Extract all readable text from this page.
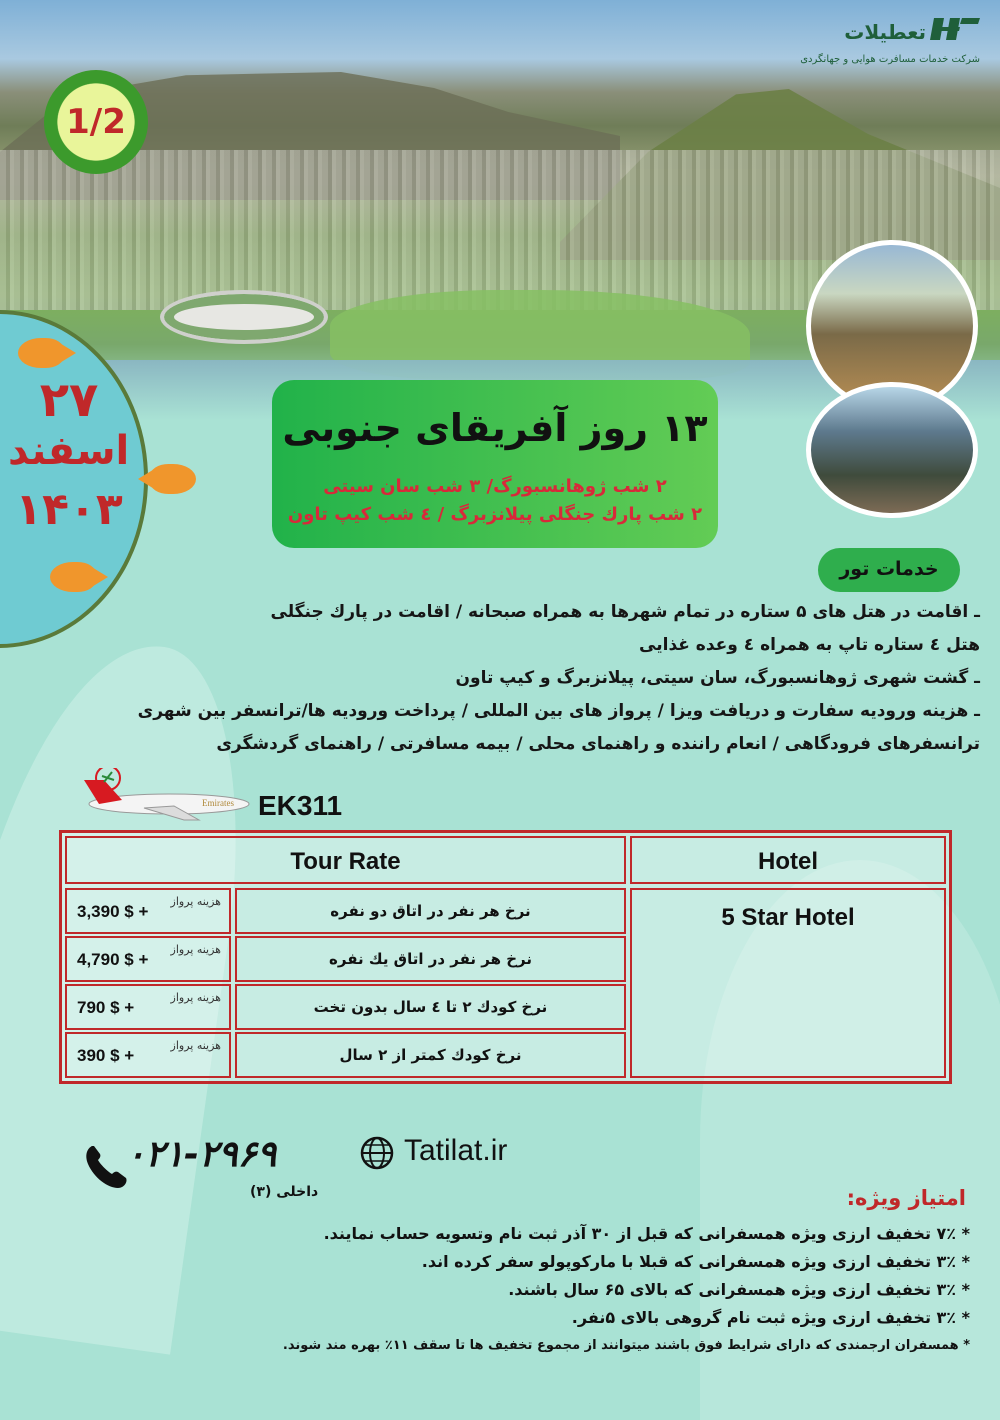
تعطیلات
شرکت خدمات مسافرت هوایی و جهانگردی
1/2
۲۷
اسفند
۱۴۰۳
۱۳ روز آفریقای جنوبی
۲ شب ژوهانسبورگ/ ۳ شب سان سیتی
۲ شب پارك جنگلی پیلانزبرگ / ٤ شب کیپ تاون
خدمات تور
ـ اقامت در هتل های ۵ ستاره در تمام شهرها به همراه صبحانه / اقامت در پارك جنگلی
هتل ٤ ستاره تاپ به همراه ٤ وعده غذایی
ـ گشت شهری ژوهانسبورگ، سان سیتی، پیلانزبرگ و کیپ تاون
ـ هزینه ورودیه سفارت و دریافت ویزا / پرواز های بین المللی / پرداخت ورودیه ها/ترانسفر بین شهری
ترانسفرهای فرودگاهی / انعام راننده و راهنمای محلی / بیمه مسافرتی / راهنمای گردشگری
Emirates EK311
Tour Rate	Hotel
5 Star Hotel
هزینه پرواز
3,390 $ +	نرخ هر نفر در اتاق دو نفره
هزینه پرواز
4,790 $ +	نرخ هر نفر در اتاق یك نفره
هزینه پرواز
790 $ +	نرخ کودك ۲ تا ٤ سال بدون تخت
هزینه پرواز
390 $ +	نرخ کودك کمتر از ۲ سال
۰۲۱-۲۹۶۹
داخلی (۳)
Tatilat.ir
امتیاز ویژه:
* ۷٪ تخفیف ارزی ویژه همسفرانی که قبل از ۳۰ آذر ثبت نام وتسویه حساب نمایند.
* ۳٪ تخفیف ارزی ویژه همسفرانی که قبلا با مارکوپولو سفر کرده اند.
* ۳٪ تخفیف ارزی ویژه همسفرانی که بالای ۶۵ سال باشند.
* ۳٪ تخفیف ارزی ویژه ثبت نام گروهی بالای ۵نفر.
* همسفران ارجمندی که دارای شرایط فوق باشند میتوانند از مجموع تخفیف ها تا سقف ۱۱٪ بهره مند شوند.
